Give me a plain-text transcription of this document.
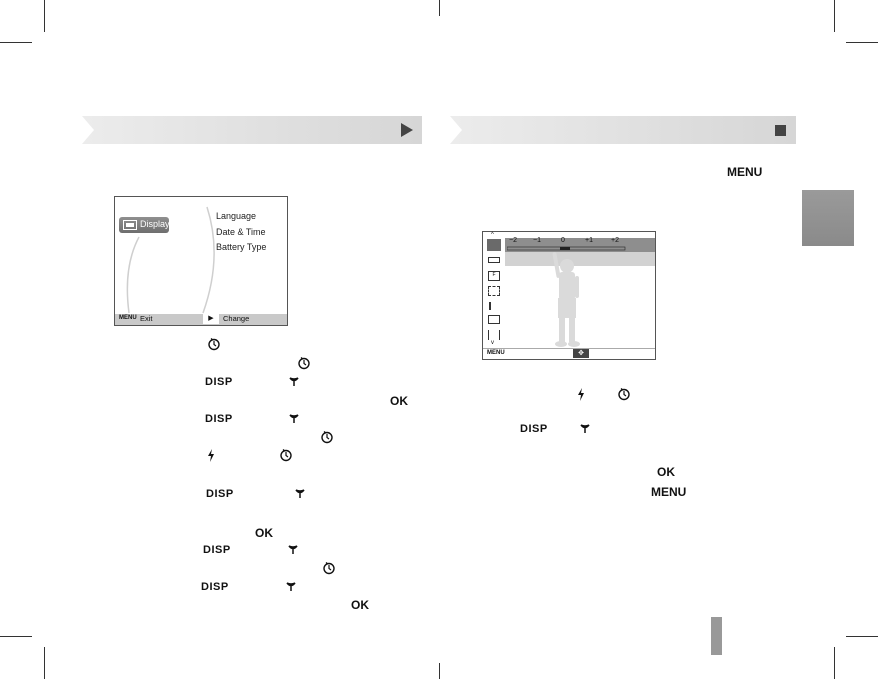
Display
Language
Date & Time
Battery Type
MENU Exit	▶	Change
^
F
v
−2 −1	0	+1	+2
MENU	✥
DISP
OK
DISP
DISP
OK
DISP
DISP
OK
MENU
DISP
OK
MENU
